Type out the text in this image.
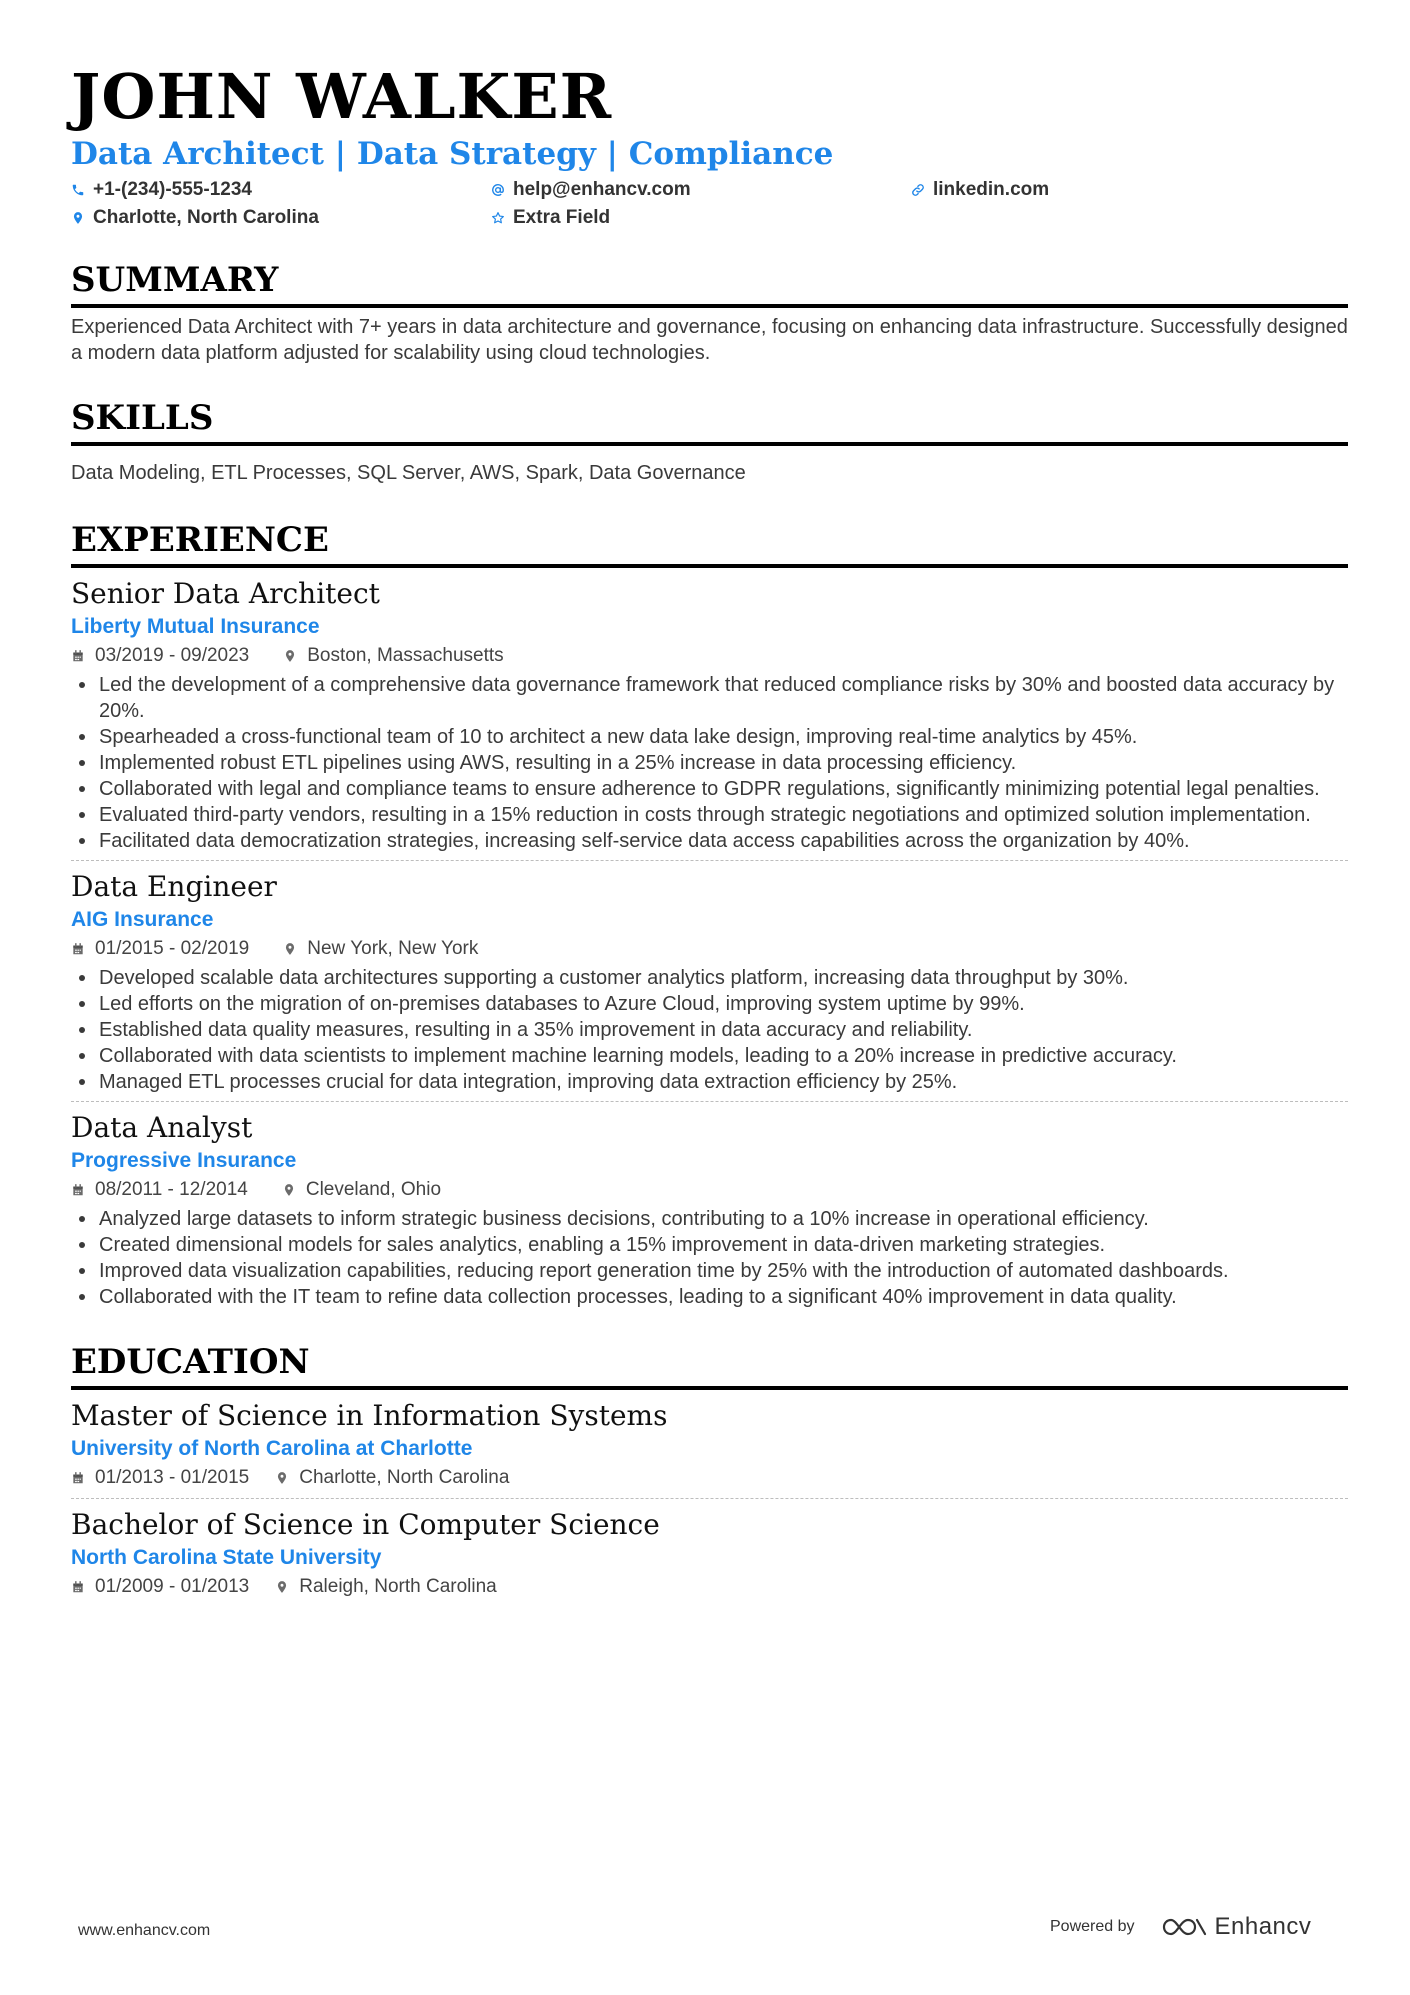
JOHN WALKER
Data Architect | Data Strategy | Compliance
+1-(234)-555-1234	help@enhancv.com	linkedin.com
Charlotte, North Carolina	Extra Field
SUMMARY
Experienced Data Architect with 7+ years in data architecture and governance, focusing on enhancing data infrastructure. Successfully designed a modern data platform adjusted for scalability using cloud technologies.
SKILLS
Data Modeling, ETL Processes, SQL Server, AWS, Spark, Data Governance
EXPERIENCE
Senior Data Architect
Liberty Mutual Insurance
03/2019 - 09/2023	Boston, Massachusetts
Led the development of a comprehensive data governance framework that reduced compliance risks by 30% and boosted data accuracy by 20%.
Spearheaded a cross-functional team of 10 to architect a new data lake design, improving real-time analytics by 45%.
Implemented robust ETL pipelines using AWS, resulting in a 25% increase in data processing efficiency.
Collaborated with legal and compliance teams to ensure adherence to GDPR regulations, significantly minimizing potential legal penalties.
Evaluated third-party vendors, resulting in a 15% reduction in costs through strategic negotiations and optimized solution implementation.
Facilitated data democratization strategies, increasing self-service data access capabilities across the organization by 40%.
Data Engineer
AIG Insurance
01/2015 - 02/2019	New York, New York
Developed scalable data architectures supporting a customer analytics platform, increasing data throughput by 30%.
Led efforts on the migration of on-premises databases to Azure Cloud, improving system uptime by 99%.
Established data quality measures, resulting in a 35% improvement in data accuracy and reliability.
Collaborated with data scientists to implement machine learning models, leading to a 20% increase in predictive accuracy.
Managed ETL processes crucial for data integration, improving data extraction efficiency by 25%.
Data Analyst
Progressive Insurance
08/2011 - 12/2014	Cleveland, Ohio
Analyzed large datasets to inform strategic business decisions, contributing to a 10% increase in operational efficiency.
Created dimensional models for sales analytics, enabling a 15% improvement in data-driven marketing strategies.
Improved data visualization capabilities, reducing report generation time by 25% with the introduction of automated dashboards.
Collaborated with the IT team to refine data collection processes, leading to a significant 40% improvement in data quality.
EDUCATION
Master of Science in Information Systems
University of North Carolina at Charlotte
01/2013 - 01/2015	Charlotte, North Carolina
Bachelor of Science in Computer Science
North Carolina State University
01/2009 - 01/2013	Raleigh, North Carolina
www.enhancv.com	Powered by	Enhancv
